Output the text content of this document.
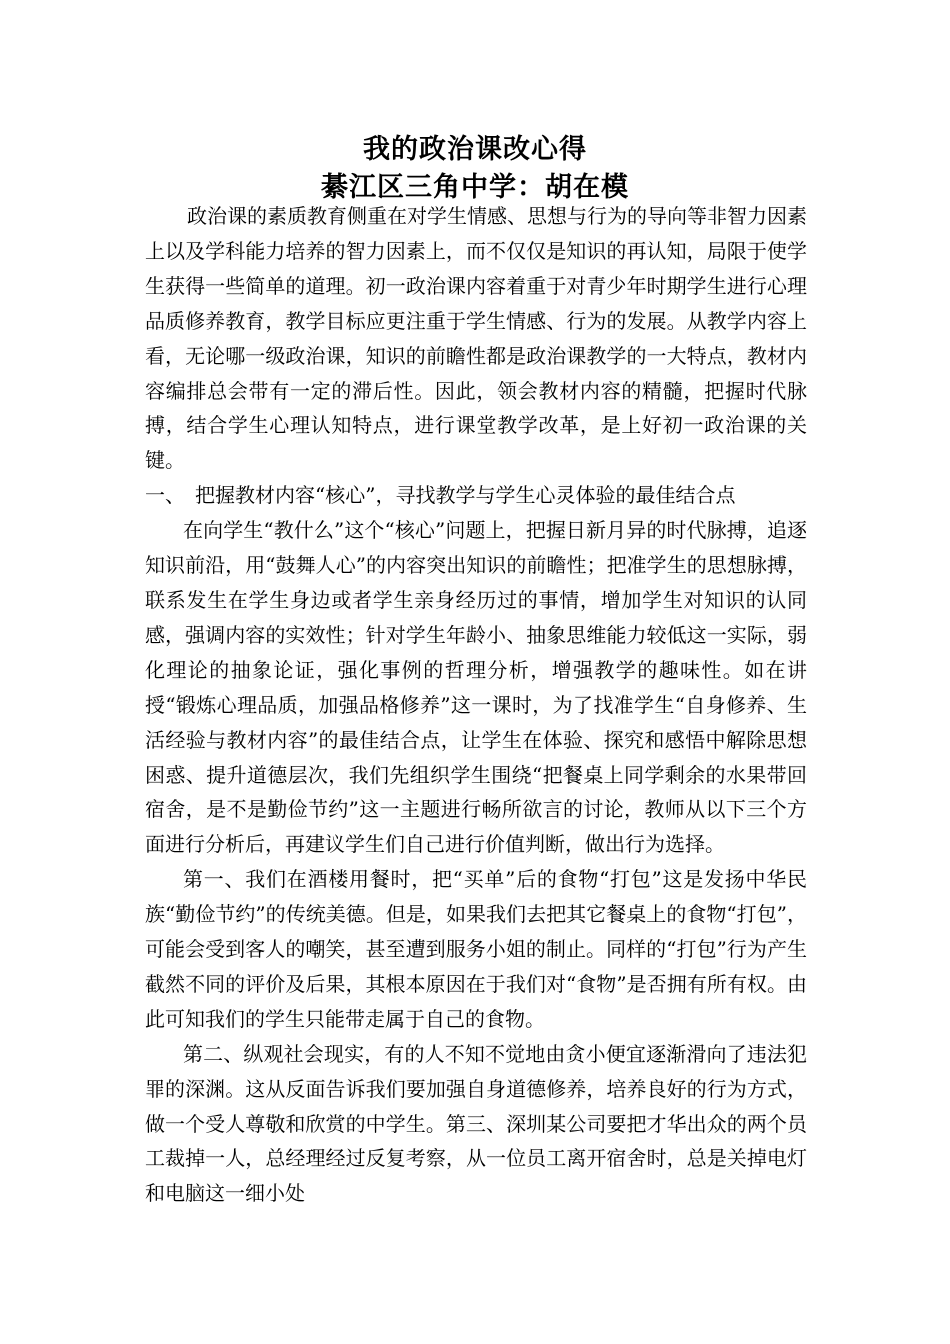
我的政治课改心得
綦江区三角中学：胡在模

政治课的素质教育侧重在对学生情感、思想与行为的导向等非智力因素上以及学科能力培养的智力因素上，而不仅仅是知识的再认知，局限于使学生获得一些简单的道理。初一政治课内容着重于对青少年时期学生进行心理品质修养教育，教学目标应更注重于学生情感、行为的发展。从教学内容上看，无论哪一级政治课，知识的前瞻性都是政治课教学的一大特点，教材内容编排总会带有一定的滞后性。因此，领会教材内容的精髓，把握时代脉搏，结合学生心理认知特点，进行课堂教学改革，是上好初一政治课的关键。

一、　把握教材内容“核心”，寻找教学与学生心灵体验的最佳结合点

在向学生“教什么”这个“核心”问题上，把握日新月异的时代脉搏，追逐知识前沿，用“鼓舞人心”的内容突出知识的前瞻性；把准学生的思想脉搏，联系发生在学生身边或者学生亲身经历过的事情，增加学生对知识的认同感，强调内容的实效性；针对学生年龄小、抽象思维能力较低这一实际，弱化理论的抽象论证，强化事例的哲理分析，增强教学的趣味性。如在讲授“锻炼心理品质，加强品格修养”这一课时，为了找准学生“自身修养、生活经验与教材内容”的最佳结合点，让学生在体验、探究和感悟中解除思想困惑、提升道德层次，我们先组织学生围绕“把餐桌上同学剩余的水果带回宿舍，是不是勤俭节约”这一主题进行畅所欲言的讨论，教师从以下三个方面进行分析后，再建议学生们自己进行价值判断，做出行为选择。

第一、我们在酒楼用餐时，把“买单”后的食物“打包”这是发扬中华民族“勤俭节约”的传统美德。但是，如果我们去把其它餐桌上的食物“打包”，可能会受到客人的嘲笑，甚至遭到服务小姐的制止。同样的“打包”行为产生截然不同的评价及后果，其根本原因在于我们对“食物”是否拥有所有权。由此可知我们的学生只能带走属于自己的食物。

第二、纵观社会现实，有的人不知不觉地由贪小便宜逐渐滑向了违法犯罪的深渊。这从反面告诉我们要加强自身道德修养，培养良好的行为方式，做一个受人尊敬和欣赏的中学生。第三、深圳某公司要把才华出众的两个员工裁掉一人，总经理经过反复考察，从一位员工离开宿舍时，总是关掉电灯和电脑这一细小处
